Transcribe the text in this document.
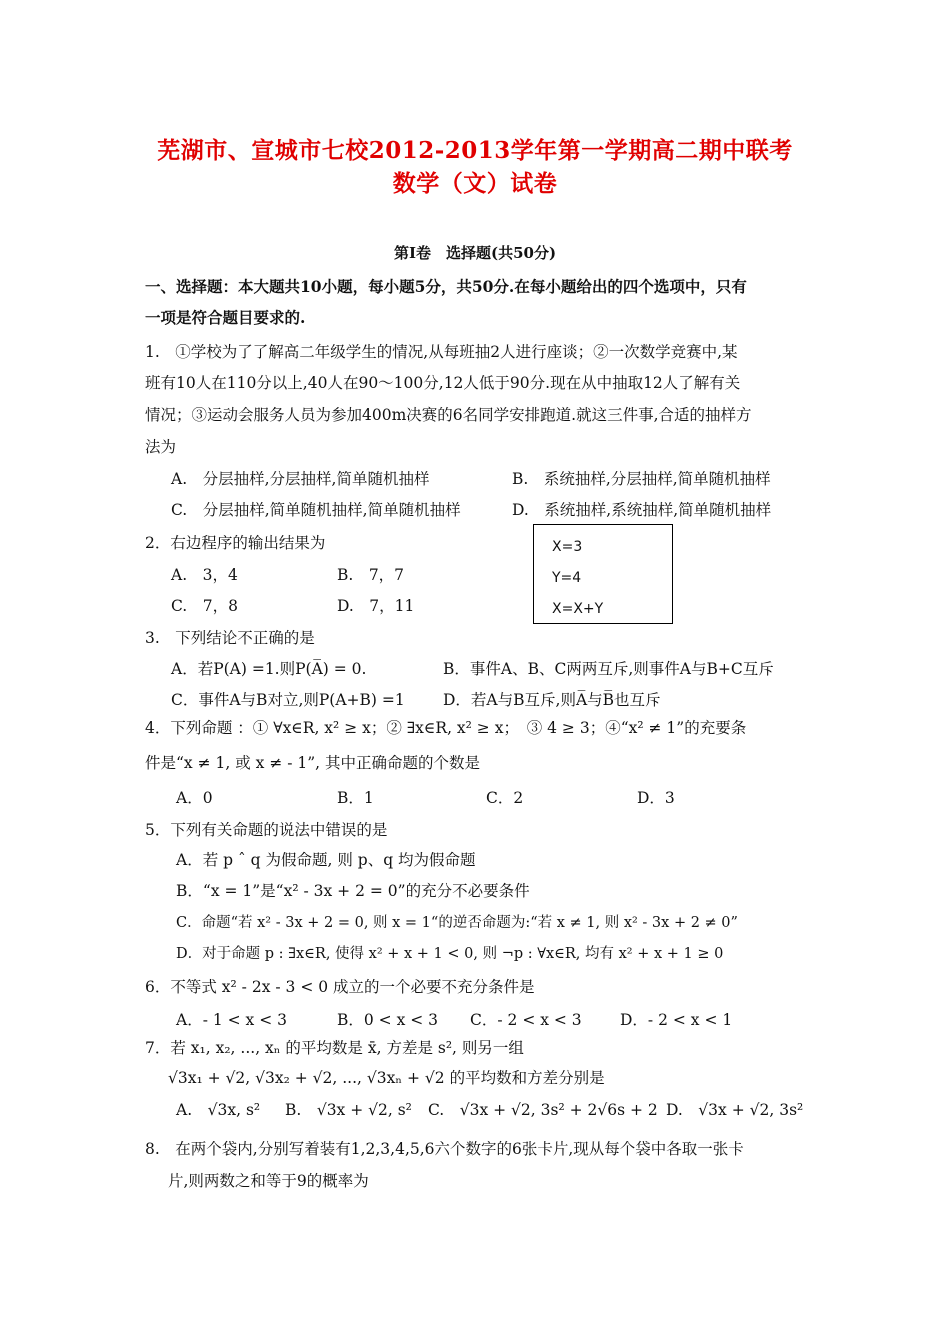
芜湖市、宣城市七校2012-2013学年第一学期高二期中联考
数学（文）试卷
第I卷　选择题(共50分)
一、选择题：本大题共10小题，每小题5分，共50分.在每小题给出的四个选项中，只有
一项是符合题目要求的.
1.　①学校为了了解高二年级学生的情况,从每班抽2人进行座谈；②一次数学竞赛中,某
班有10人在110分以上,40人在90～100分,12人低于90分.现在从中抽取12人了解有关
情况；③运动会服务人员为参加400m决赛的6名同学安排跑道.就这三件事,合适的抽样方
法为
A.　分层抽样,分层抽样,简单随机抽样	B.　系统抽样,分层抽样,简单随机抽样
C.　分层抽样,简单随机抽样,简单随机抽样	D.　系统抽样,系统抽样,简单随机抽样
2．右边程序的输出结果为
A.　3，4	B.　7，7
C.　7，8	D.　7，11
X=3
Y=4
X=X+Y
3.　下列结论不正确的是
A．若P(A) =1.则P(A̅) = 0.	B．事件A、B、C两两互斥,则事件A与B+C互斥
C．事件A与B对立,则P(A+B) =1 D．若A与B互斥,则A̅与B̅也互斥
4．下列命题 ：① ∀x∈R, x² ≥ x；② ∃x∈R, x² ≥ x；　③ 4 ≥ 3；④“x² ≠ 1”的充要条
件是“x ≠ 1, 或 x ≠ - 1”, 其中正确命题的个数是
A．0	B．1	C．2	D．3
5．下列有关命题的说法中错误的是
A．若 p ˆ q 为假命题, 则 p、q 均为假命题
B．“x = 1”是“x² - 3x + 2 = 0”的充分不必要条件
C．命题“若 x² - 3x + 2 = 0, 则 x = 1“的逆否命题为:“若 x ≠ 1, 则 x² - 3x + 2 ≠ 0”
D．对于命题 p : ∃x∈R, 使得 x² + x + 1 < 0, 则 ¬p : ∀x∈R, 均有 x² + x + 1 ≥ 0
6．不等式 x² - 2x - 3 < 0 成立的一个必要不充分条件是
A．- 1 < x < 3	B．0 < x < 3 C．- 2 < x < 3 D．- 2 < x < 1
7．若 x₁, x₂, ..., xₙ 的平均数是 x̄, 方差是 s², 则另一组
√3x₁ + √2, √3x₂ + √2, ..., √3xₙ + √2 的平均数和方差分别是
A.　√3x, s² B.　√3x + √2, s² C.　√3x + √2, 3s² + 2√6s + 2 D.　√3x + √2, 3s²
8.　在两个袋内,分别写着装有1,2,3,4,5,6六个数字的6张卡片,现从每个袋中各取一张卡
片,则两数之和等于9的概率为
